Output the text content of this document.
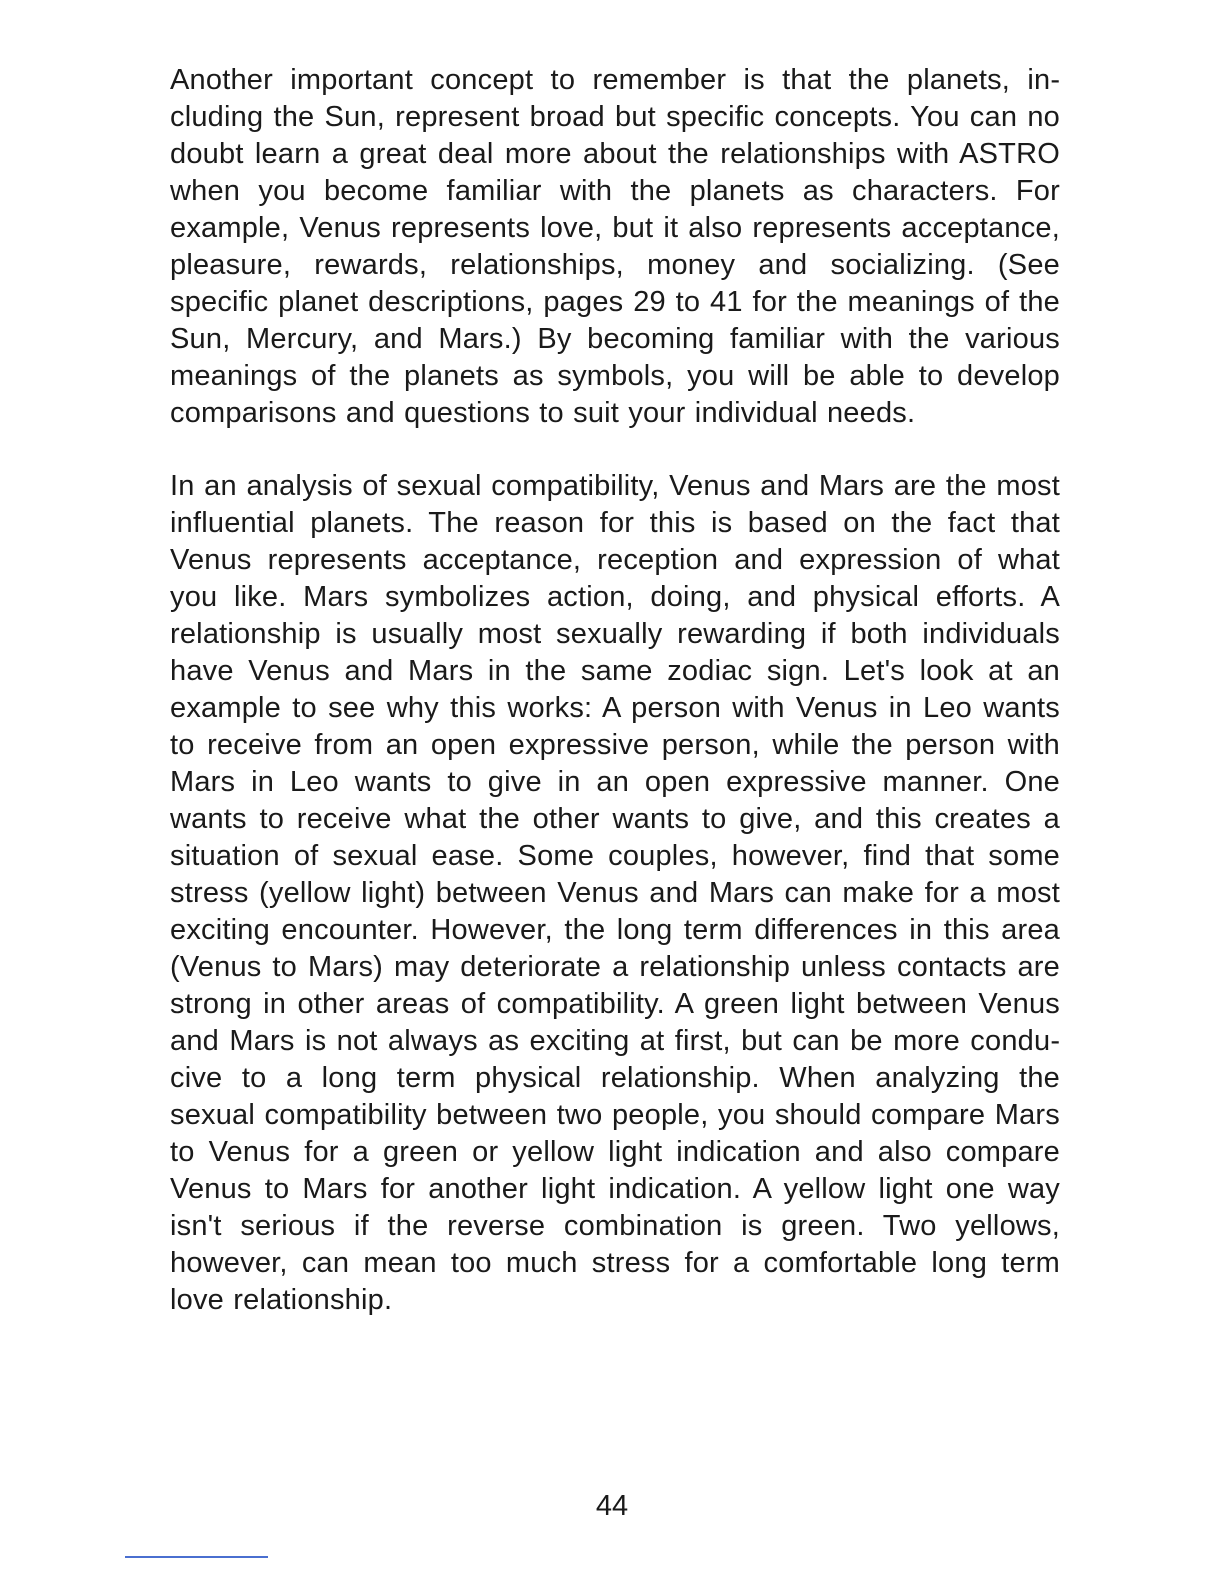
Another important concept to remember is that the planets, including the Sun, represent broad but specific concepts. You can no doubt learn a great deal more about the relationships with ASTRO when you become familiar with the planets as characters. For example, Venus represents love, but it also represents acceptance, pleasure, rewards, relationships, money and socializing. (See specific planet descriptions, pages 29 to 41 for the meanings of the Sun, Mercury, and Mars.) By becoming familiar with the various meanings of the planets as symbols, you will be able to develop comparisons and questions to suit your individual needs.

In an analysis of sexual compatibility, Venus and Mars are the most influential planets. The reason for this is based on the fact that Venus represents acceptance, reception and expression of what you like. Mars symbolizes action, doing, and physical efforts. A relationship is usually most sexually rewarding if both individuals have Venus and Mars in the same zodiac sign. Let's look at an example to see why this works: A person with Venus in Leo wants to receive from an open expressive person, while the person with Mars in Leo wants to give in an open expressive manner. One wants to receive what the other wants to give, and this creates a situation of sexual ease. Some couples, however, find that some stress (yellow light) between Venus and Mars can make for a most exciting encounter. However, the long term differences in this area (Venus to Mars) may deteriorate a relationship unless contacts are strong in other areas of compatibility. A green light between Venus and Mars is not always as exciting at first, but can be more conducive to a long term physical relationship. When analyzing the sexual compatibility between two people, you should compare Mars to Venus for a green or yellow light indication and also compare Venus to Mars for another light indication. A yellow light one way isn't serious if the reverse combination is green. Two yellows, however, can mean too much stress for a comfortable long term love relationship.

44
